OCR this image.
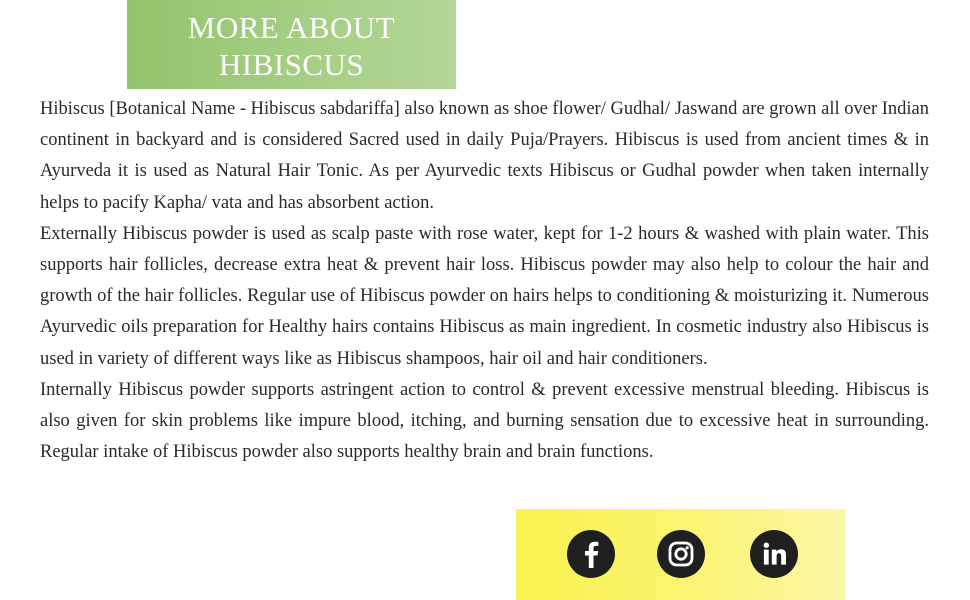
MORE ABOUT
HIBISCUS

Hibiscus [Botanical Name - Hibiscus sabdariffa] also known as shoe flower/ Gudhal/ Jaswand are grown all over Indian continent in backyard and is considered Sacred used in daily Puja/Prayers. Hibiscus is used from ancient times & in Ayurveda it is used as Natural Hair Tonic. As per Ayurvedic texts Hibiscus or Gudhal powder when taken internally helps to pacify Kapha/ vata and has absorbent action.

Externally Hibiscus powder is used as scalp paste with rose water, kept for 1-2 hours & washed with plain water. This supports hair follicles, decrease extra heat & prevent hair loss. Hibiscus powder may also help to colour the hair and growth of the hair follicles. Regular use of Hibiscus powder on hairs helps to conditioning & moisturizing it. Numerous Ayurvedic oils preparation for Healthy hairs contains Hibiscus as main ingredient. In cosmetic industry also Hibiscus is used in variety of different ways like as Hibiscus shampoos, hair oil and hair conditioners.

Internally Hibiscus powder supports astringent action to control & prevent excessive menstrual bleeding. Hibiscus is also given for skin problems like impure blood, itching, and burning sensation due to excessive heat in surrounding. Regular intake of Hibiscus powder also supports healthy brain and brain functions.
